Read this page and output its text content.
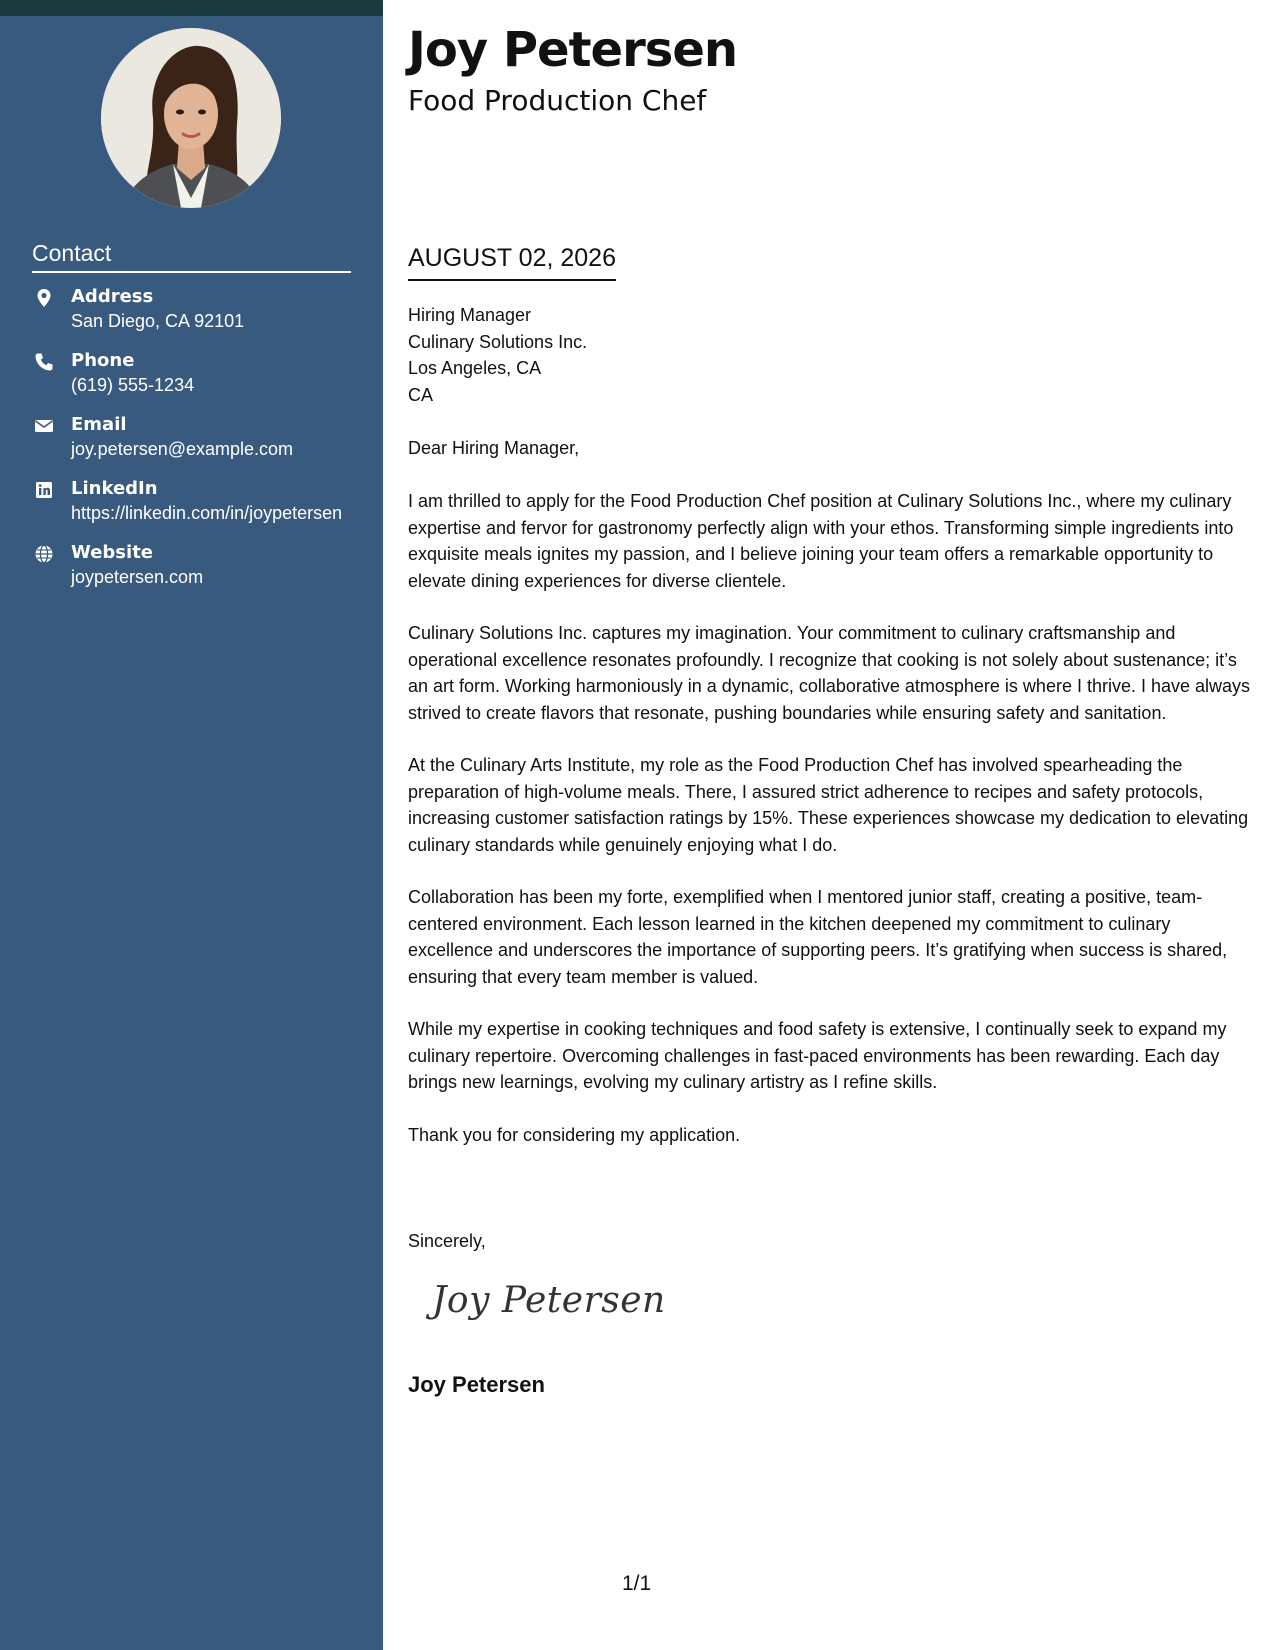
Contact
Address
San Diego, CA 92101
Phone
(619) 555-1234
Email
joy.petersen@example.com
LinkedIn
https://linkedin.com/in/joypetersen
Website
joypetersen.com
Joy Petersen
Food Production Chef
AUGUST 02, 2026
Hiring Manager
Culinary Solutions Inc.
Los Angeles, CA
CA
Dear Hiring Manager,

I am thrilled to apply for the Food Production Chef position at Culinary Solutions Inc., where my culinary expertise and fervor for gastronomy perfectly align with your ethos. Transforming simple ingredients into exquisite meals ignites my passion, and I believe joining your team offers a remarkable opportunity to elevate dining experiences for diverse clientele.

Culinary Solutions Inc. captures my imagination. Your commitment to culinary craftsmanship and operational excellence resonates profoundly. I recognize that cooking is not solely about sustenance; it’s an art form. Working harmoniously in a dynamic, collaborative atmosphere is where I thrive. I have always strived to create flavors that resonate, pushing boundaries while ensuring safety and sanitation.

At the Culinary Arts Institute, my role as the Food Production Chef has involved spearheading the preparation of high-volume meals. There, I assured strict adherence to recipes and safety protocols, increasing customer satisfaction ratings by 15%. These experiences showcase my dedication to elevating culinary standards while genuinely enjoying what I do.

Collaboration has been my forte, exemplified when I mentored junior staff, creating a positive, team-centered environment. Each lesson learned in the kitchen deepened my commitment to culinary excellence and underscores the importance of supporting peers. It’s gratifying when success is shared, ensuring that every team member is valued.

While my expertise in cooking techniques and food safety is extensive, I continually seek to expand my culinary repertoire. Overcoming challenges in fast-paced environments has been rewarding. Each day brings new learnings, evolving my culinary artistry as I refine skills.

Thank you for considering my application.

Sincerely,
Joy Petersen
Joy Petersen
1/1
